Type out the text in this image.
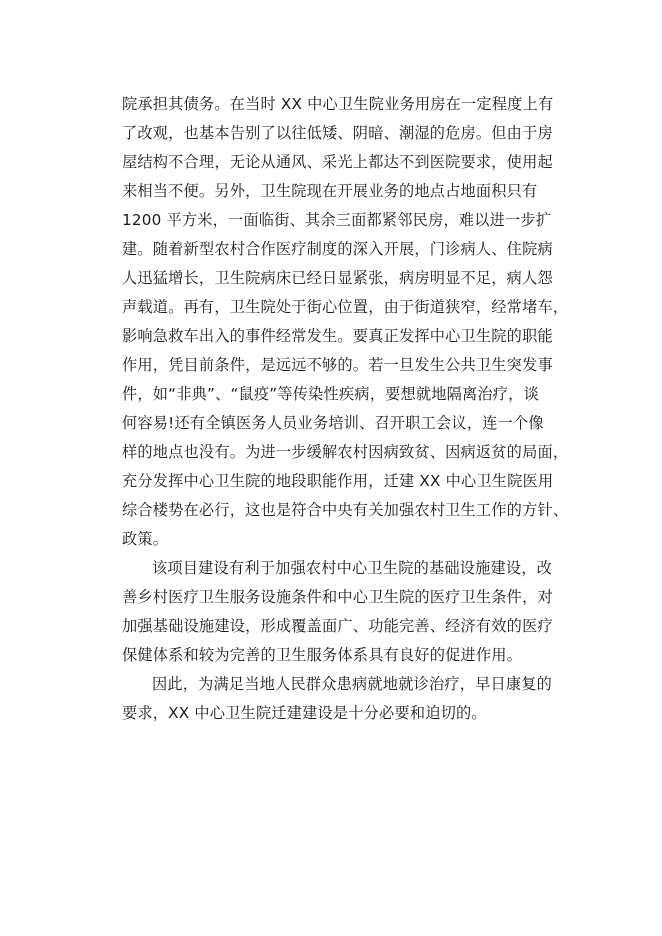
院承担其债务。在当时 XX 中心卫生院业务用房在一定程度上有
了改观，也基本告别了以往低矮、阴暗、潮湿的危房。但由于房
屋结构不合理，无论从通风、采光上都达不到医院要求，使用起
来相当不便。另外，卫生院现在开展业务的地点占地面积只有
1200 平方米，一面临街、其余三面都紧邻民房，难以进一步扩
建。随着新型农村合作医疗制度的深入开展，门诊病人、住院病
人迅猛增长，卫生院病床已经日显紧张，病房明显不足，病人怨
声载道。再有，卫生院处于街心位置，由于街道狭窄，经常堵车，
影响急救车出入的事件经常发生。要真正发挥中心卫生院的职能
作用，凭目前条件，是远远不够的。若一旦发生公共卫生突发事
件，如“非典”、“鼠疫”等传染性疾病，要想就地隔离治疗，谈
何容易!还有全镇医务人员业务培训、召开职工会议，连一个像
样的地点也没有。为进一步缓解农村因病致贫、因病返贫的局面，
充分发挥中心卫生院的地段职能作用，迁建 XX 中心卫生院医用
综合楼势在必行，这也是符合中央有关加强农村卫生工作的方针、
政策。
该项目建设有利于加强农村中心卫生院的基础设施建设，改
善乡村医疗卫生服务设施条件和中心卫生院的医疗卫生条件，对
加强基础设施建设，形成覆盖面广、功能完善、经济有效的医疗
保健体系和较为完善的卫生服务体系具有良好的促进作用。
因此，为满足当地人民群众患病就地就诊治疗，早日康复的
要求，XX 中心卫生院迁建建设是十分必要和迫切的。
